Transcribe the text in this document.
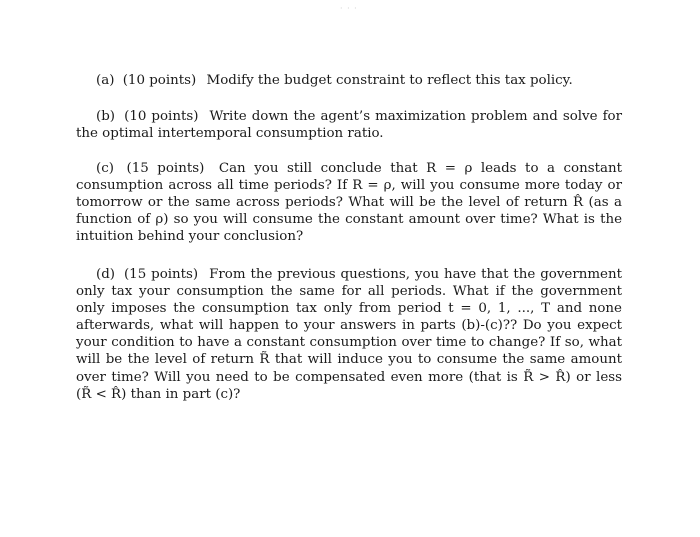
· · ·

(a) (10 points) Modify the budget constraint to reflect this tax policy.

(b) (10 points) Write down the agent’s maximization problem and solve for the optimal intertemporal consumption ratio.

(c) (15 points) Can you still conclude that R = ρ leads to a constant consumption across all time periods? If R = ρ, will you consume more today or tomorrow or the same across periods? What will be the level of return R̂ (as a function of ρ) so you will consume the constant amount over time? What is the intuition behind your conclusion?

(d) (15 points) From the previous questions, you have that the government only tax your consumption the same for all periods. What if the government only imposes the consumption tax only from period t = 0, 1, ..., T and none afterwards, what will happen to your answers in parts (b)-(c)?? Do you expect your condition to have a constant consumption over time to change? If so, what will be the level of return R̃ that will induce you to consume the same amount over time? Will you need to be compensated even more (that is R̃ > R̂) or less (R̃ < R̂) than in part (c)?
